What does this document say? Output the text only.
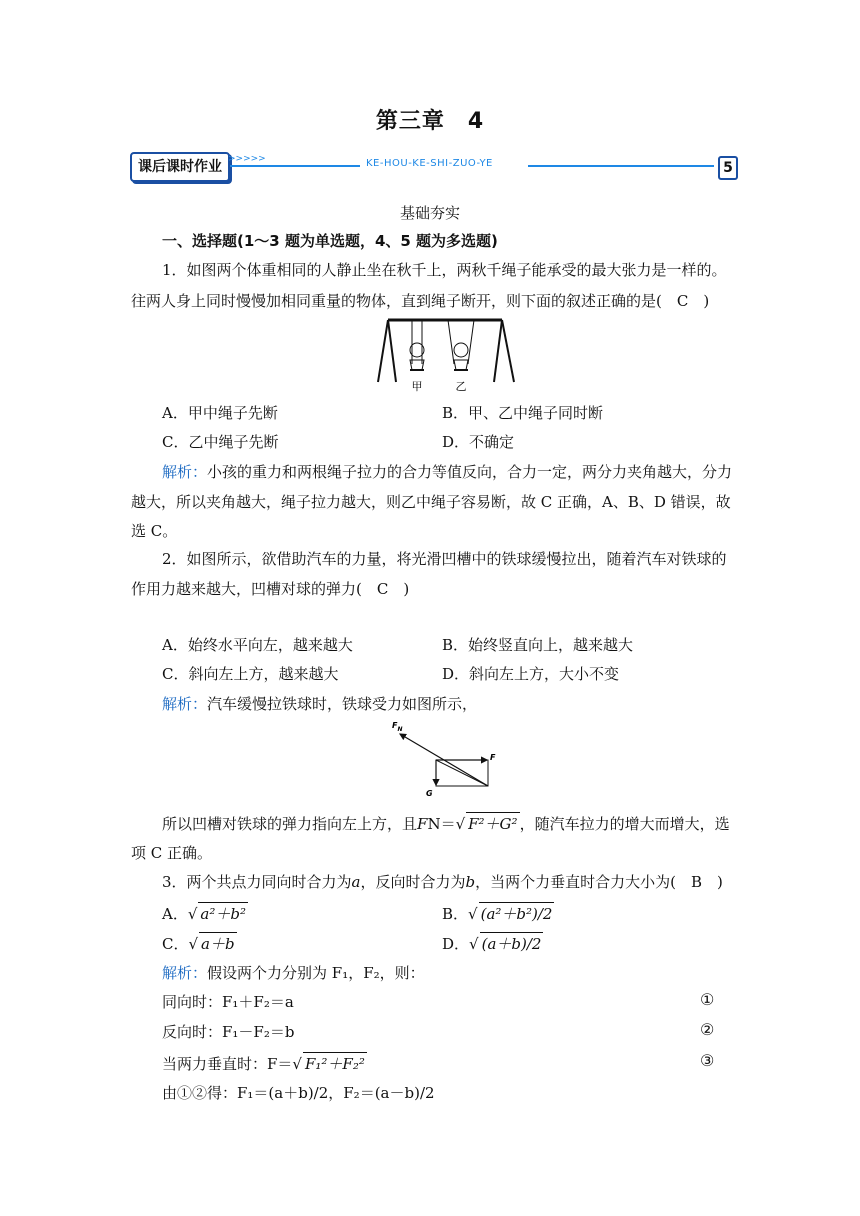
第三章　4
课后课时作业 >>>>>	KE-HOU-KE-SHI-ZUO-YE	5
基础夯实
一、选择题(1～3 题为单选题，4、5 题为多选题)
1．如图两个体重相同的人静止坐在秋千上，两秋千绳子能承受的最大张力是一样的。
往两人身上同时慢慢加相同重量的物体，直到绳子断开，则下面的叙述正确的是(　C　)
甲	乙
A．甲中绳子先断	B．甲、乙中绳子同时断
C．乙中绳子先断	D．不确定
解析：小孩的重力和两根绳子拉力的合力等值反向，合力一定，两分力夹角越大，分力
越大，所以夹角越大，绳子拉力越大，则乙中绳子容易断，故 C 正确，A、B、D 错误，故
选 C。
2．如图所示，欲借助汽车的力量，将光滑凹槽中的铁球缓慢拉出，随着汽车对铁球的
作用力越来越大，凹槽对球的弹力(　C　)
A．始终水平向左，越来越大	B．始终竖直向上，越来越大
C．斜向左上方，越来越大	D．斜向左上方，大小不变
解析：汽车缓慢拉铁球时，铁球受力如图所示，
$F_N$
F
G
所以凹槽对铁球的弹力指向左上方，且FN＝√ F²＋G² ，随汽车拉力的增大而增大，选
项 C 正确。
3．两个共点力同向时合力为a，反向时合力为b，当两个力垂直时合力大小为(　B　)
A．√ a²＋b²	B．√ (a²＋b²)/2
C．√ a＋b	D．√ (a＋b)/2
解析：假设两个力分别为 F₁，F₂，则：
同向时：F₁＋F₂＝a	①
反向时：F₁－F₂＝b	②
当两力垂直时：F＝√ F₁²＋F₂²	③
由①②得：F₁＝(a＋b)/2，F₂＝(a－b)/2
